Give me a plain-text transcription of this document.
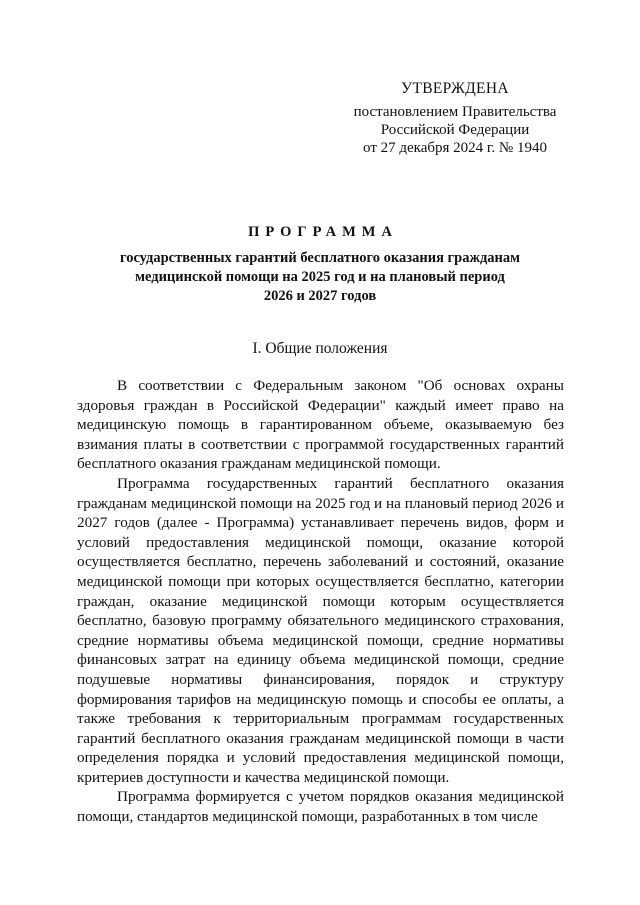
УТВЕРЖДЕНА
постановлением Правительства
Российской Федерации
от 27 декабря 2024 г. № 1940
ПРОГРАММА
государственных гарантий бесплатного оказания гражданам
медицинской помощи на 2025 год и на плановый период
2026 и 2027 годов
I. Общие положения

В соответствии с Федеральным законом "Об основах охраны здоровья граждан в Российской Федерации" каждый имеет право на медицинскую помощь в гарантированном объеме, оказываемую без взимания платы в соответствии с программой государственных гарантий бесплатного оказания гражданам медицинской помощи.

Программа государственных гарантий бесплатного оказания гражданам медицинской помощи на 2025 год и на плановый период 2026 и 2027 годов (далее - Программа) устанавливает перечень видов, форм и условий предоставления медицинской помощи, оказание которой осуществляется бесплатно, перечень заболеваний и состояний, оказание медицинской помощи при которых осуществляется бесплатно, категории граждан, оказание медицинской помощи которым осуществляется бесплатно, базовую программу обязательного медицинского страхования, средние нормативы объема медицинской помощи, средние нормативы финансовых затрат на единицу объема медицинской помощи, средние подушевые нормативы финансирования, порядок и структуру формирования тарифов на медицинскую помощь и способы ее оплаты, а также требования к территориальным программам государственных гарантий бесплатного оказания гражданам медицинской помощи в части определения порядка и условий предоставления медицинской помощи, критериев доступности и качества медицинской помощи.

Программа формируется с учетом порядков оказания медицинской помощи, стандартов медицинской помощи, разработанных в том числе
